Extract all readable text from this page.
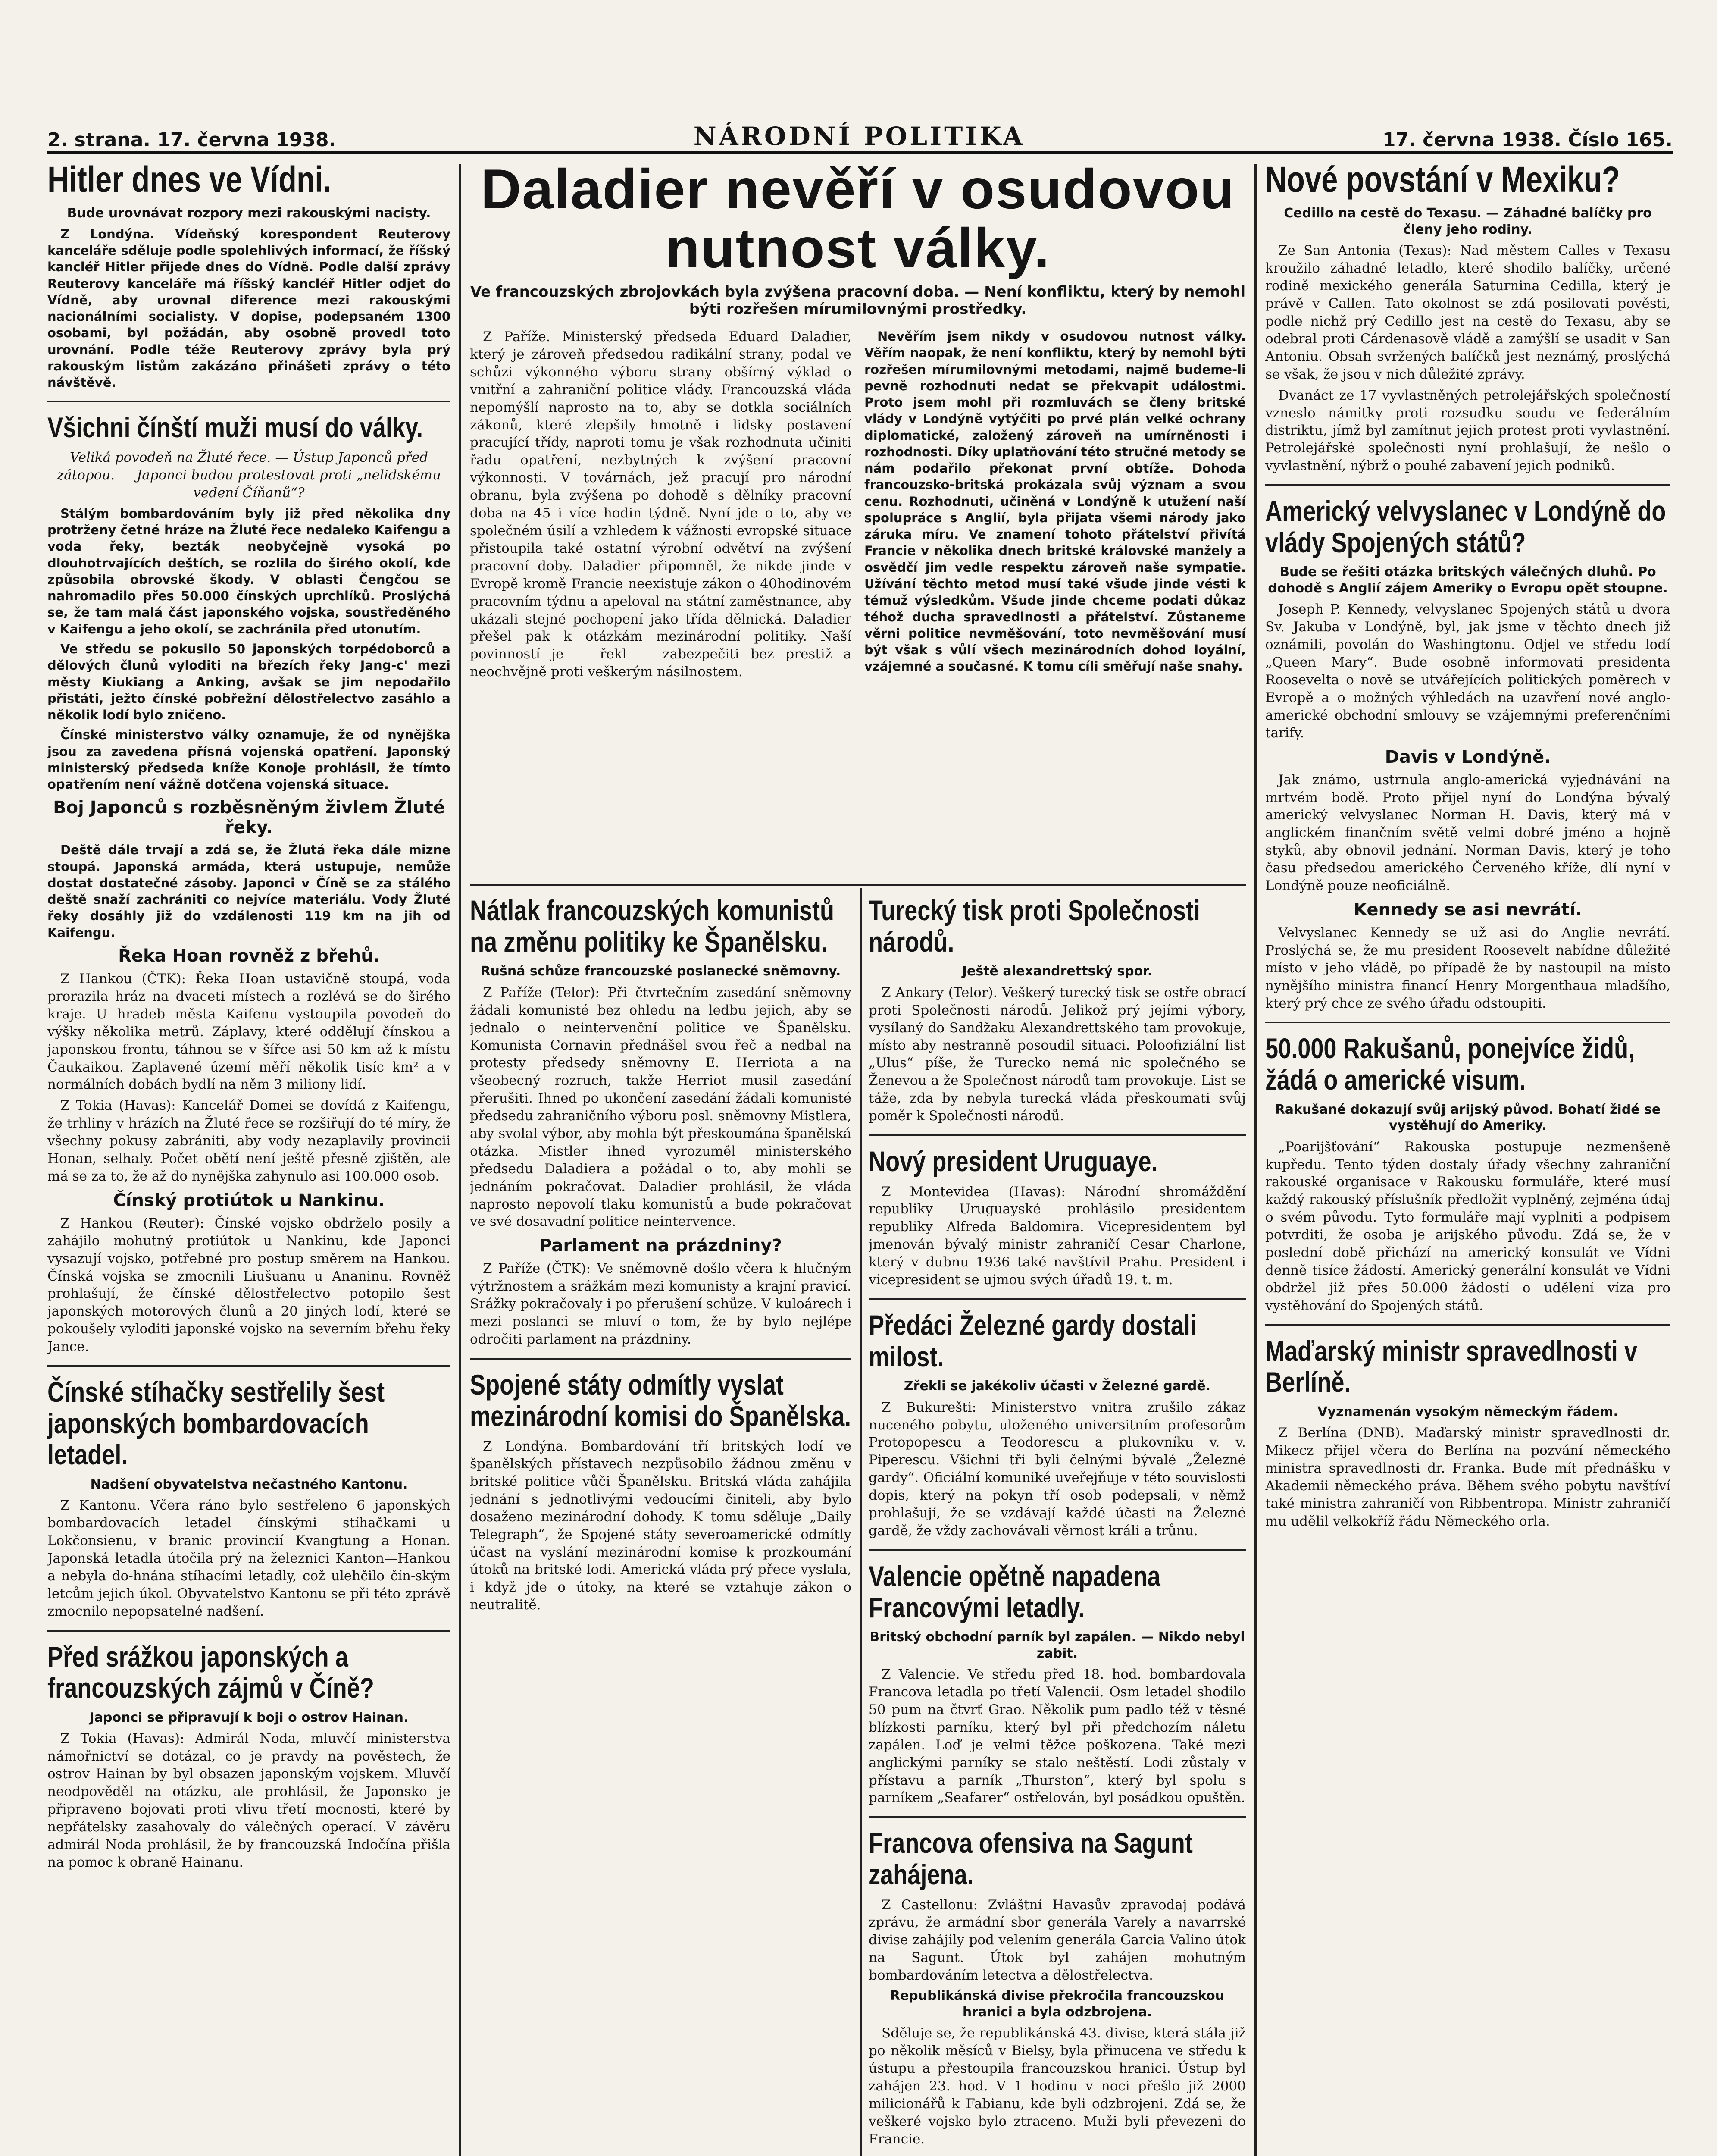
2. strana. 17. června 1938.	NÁRODNÍ POLITIKA	17. června 1938. Číslo 165.
Hitler dnes ve Vídni.
Bude urovnávat rozpory mezi rakouskými nacisty.

Z Londýna. Vídeňský korespondent Reuterovy kanceláře sděluje podle spolehlivých informací, že říšský kancléř Hitler přijede dnes do Vídně. Podle další zprávy Reuterovy kanceláře má říšský kancléř Hitler odjet do Vídně, aby urovnal diference mezi rakouskými nacionálními socialisty. V dopise, podepsaném 1300 osobami, byl požádán, aby osobně provedl toto urovnání. Podle téže Reuterovy zprávy byla prý rakouským listům zakázáno přinášeti zprávy o této návštěvě.

Všichni čínští muži musí do války.

Veliká povodeň na Žluté řece. — Ústup Japonců před zátopou. — Japonci budou protestovat proti „nelidskému vedení Číňanů“?

Stálým bombardováním byly již před několika dny protrženy četné hráze na Žluté řece nedaleko Kaifengu a voda řeky, bezták neobyčejně vysoká po dlouhotrvajících deštích, se rozlila do širého okolí, kde způsobila obrovské škody. V oblasti Čengčou se nahromadilo přes 50.000 čínských uprchlíků. Proslýchá se, že tam malá část japonského vojska, soustředěného v Kaifengu a jeho okolí, se zachránila před utonutím.

Ve středu se pokusilo 50 japonských torpédoborců a dělových člunů vyloditi na březích řeky Jang-c' mezi městy Kiukiang a Anking, avšak se jim nepodařilo přistáti, ježto čínské pobřežní dělostřelectvo zasáhlo a několik lodí bylo zničeno.

Čínské ministerstvo války oznamuje, že od nynějška jsou za zavedena přísná vojenská opatření. Japonský ministerský předseda kníže Konoje prohlásil, že tímto opatřením není vážně dotčena vojenská situace.

Boj Japonců s rozběsněným živlem Žluté řeky.

Deště dále trvají a zdá se, že Žlutá řeka dále mizne stoupá. Japonská armáda, která ustupuje, nemůže dostat dostatečné zásoby. Japonci v Číně se za stálého deště snaží zachrániti co nejvíce materiálu. Vody Žluté řeky dosáhly již do vzdálenosti 119 km na jih od Kaifengu.

Řeka Hoan rovněž z břehů.

Z Hankou (ČTK): Řeka Hoan ustavičně stoupá, voda prorazila hráz na dvaceti místech a rozlévá se do širého kraje. U hradeb města Kaifenu vystoupila povodeň do výšky několika metrů. Záplavy, které oddělují čínskou a japonskou frontu, táhnou se v šířce asi 50 km až k místu Čaukaikou. Zaplavené území měří několik tisíc km² a v normálních dobách bydlí na něm 3 miliony lidí.

Z Tokia (Havas): Kancelář Domei se dovídá z Kaifengu, že trhliny v hrázích na Žluté řece se rozšiřují do té míry, že všechny pokusy zabrániti, aby vody nezaplavily provincii Honan, selhaly. Počet obětí není ještě přesně zjištěn, ale má se za to, že až do nynějška zahynulo asi 100.000 osob.

Čínský protiútok u Nankinu.

Z Hankou (Reuter): Čínské vojsko obdrželo posily a zahájilo mohutný protiútok u Nankinu, kde Japonci vysazují vojsko, potřebné pro postup směrem na Hankou. Čínská vojska se zmocnili Liušuanu u Ananinu. Rovněž prohlašují, že čínské dělostřelectvo potopilo šest japonských motorových člunů a 20 jiných lodí, které se pokoušely vyloditi japonské vojsko na severním břehu řeky Jance.

Čínské stíhačky sestřelily šest japonských bombardovacích letadel.
Nadšení obyvatelstva nečastného Kantonu.

Z Kantonu. Včera ráno bylo sestřeleno 6 japonských bombardovacích letadel čínskými stíhačkami u Lokčonsienu, v branic provincií Kvangtung a Honan. Japonská letadla útočila prý na železnici Kanton—Hankou a nebyla do-hnána stíhacími letadly, což ulehčilo čín-ským letcům jejich úkol. Obyvatelstvo Kantonu se při této zprávě zmocnilo nepopsatelné nadšení.

Před srážkou japonských a francouzských zájmů v Číně?
Japonci se připravují k boji o ostrov Hainan.

Z Tokia (Havas): Admirál Noda, mluvčí ministerstva námořnictví se dotázal, co je pravdy na pověstech, že ostrov Hainan by byl obsazen japonským vojskem. Mluvčí neodpověděl na otázku, ale prohlásil, že Japonsko je připraveno bojovati proti vlivu třetí mocnosti, které by nepřátelsky zasahovaly do válečných operací. V závěru admirál Noda prohlásil, že by francouzská Indočína přišla na pomoc k obraně Hainanu.

Daladier nevěří v osudovou nutnost války.
Ve francouzských zbrojovkách byla zvýšena pracovní doba. — Není konfliktu, který by nemohl býti rozřešen mírumilovnými prostředky.

Z Paříže. Ministerský předseda Eduard Daladier, který je zároveň předsedou radikální strany, podal ve schůzi výkonného výboru strany obšírný výklad o vnitřní a zahraniční politice vlády. Francouzská vláda nepomýšlí naprosto na to, aby se dotkla sociálních zákonů, které zlepšily hmotně i lidsky postavení pracující třídy, naproti tomu je však rozhodnuta učiniti řadu opatření, nezbytných k zvýšení pracovní výkonnosti. V továrnách, jež pracují pro národní obranu, byla zvýšena po dohodě s dělníky pracovní doba na 45 i více hodin týdně. Nyní jde o to, aby ve společném úsilí a vzhledem k vážnosti evropské situace přistoupila také ostatní výrobní odvětví na zvýšení pracovní doby. Daladier připomněl, že nikde jinde v Evropě kromě Francie neexistuje zákon o 40hodinovém pracovním týdnu a apeloval na státní zaměstnance, aby ukázali stejné pochopení jako třída dělnická. Daladier přešel pak k otázkám mezinárodní politiky. Naší povinností je — řekl — zabezpečiti bez prestiž a neochvějně proti veškerým násilnostem.

Nevěřím jsem nikdy v osudovou nutnost války. Věřím naopak, že není konfliktu, který by nemohl býti rozřešen mírumilovnými metodami, najmě budeme-li pevně rozhodnuti nedat se překvapit událostmi. Proto jsem mohl při rozmluvách se členy britské vlády v Londýně vytýčiti po prvé plán velké ochrany diplomatické, založený zároveň na umírněnosti i rozhodnosti. Díky uplatňování této stručné metody se nám podařilo překonat první obtíže. Dohoda francouzsko-britská prokázala svůj význam a svou cenu. Rozhodnuti, učiněná v Londýně k utužení naší spolupráce s Anglií, byla přijata všemi národy jako záruka míru. Ve znamení tohoto přátelství přivítá Francie v několika dnech britské královské manžely a osvědčí jim vedle respektu zároveň naše sympatie. Užívání těchto metod musí také všude jinde vésti k témuž výsledkům. Všude jinde chceme podati důkaz téhož ducha spravedlnosti a přátelství. Zůstaneme věrni politice nevměšování, toto nevměšování musí být však s vůlí všech mezinárodních dohod loyální, vzájemné a současné. K tomu cíli směřují naše snahy.

Nátlak francouzských komunistů na změnu politiky ke Španělsku.
Rušná schůze francouzské poslanecké sněmovny.

Z Paříže (Telor): Při čtvrtečním zasedání sněmovny žádali komunisté bez ohledu na ledbu jejich, aby se jednalo o neintervenční politice ve Španělsku. Komunista Cornavin přednášel svou řeč a nedbal na protesty předsedy sněmovny E. Herriota a na všeobecný rozruch, takže Herriot musil zasedání přerušiti. Ihned po ukončení zasedání žádali komunisté předsedu zahraničního výboru posl. sněmovny Mistlera, aby svolal výbor, aby mohla být přeskoumána španělská otázka. Mistler ihned vyrozuměl ministerského předsedu Daladiera a požádal o to, aby mohli se jednáním pokračovat. Daladier prohlásil, že vláda naprosto nepovolí tlaku komunistů a bude pokračovat ve své dosavadní politice neintervence.

Parlament na prázdniny?

Z Paříže (ČTK): Ve sněmovně došlo včera k hlučným výtržnostem a srážkám mezi komunisty a krajní pravicí. Srážky pokračovaly i po přerušení schůze. V kuloárech i mezi poslanci se mluví o tom, že by bylo nejlépe odročiti parlament na prázdniny.

Spojené státy odmítly vyslat mezinárodní komisi do Španělska.

Z Londýna. Bombardování tří britských lodí ve španělských přístavech nezpůsobilo žádnou změnu v britské politice vůči Španělsku. Britská vláda zahájila jednání s jednotlivými vedoucími činiteli, aby bylo dosaženo mezinárodní dohody. K tomu sděluje „Daily Telegraph“, že Spojené státy severoamerické odmítly účast na vyslání mezinárodní komise k prozkoumání útoků na britské lodi. Americká vláda prý přece vyslala, i když jde o útoky, na které se vztahuje zákon o neutralitě.

Turecký tisk proti Společnosti národů.
Ještě alexandrettský spor.

Z Ankary (Telor). Veškerý turecký tisk se ostře obrací proti Společnosti národů. Jelikož prý jejími výbory, vysílaný do Sandžaku Alexandrettského tam provokuje, místo aby nestranně posoudil situaci. Poloofiziální list „Ulus“ píše, že Turecko nemá nic společného se Ženevou a že Společnost národů tam provokuje. List se táže, zda by nebyla turecká vláda přeskoumati svůj poměr k Společnosti národů.

Nový president Uruguaye.

Z Montevidea (Havas): Národní shromáždění republiky Uruguayské prohlásilo presidentem republiky Alfreda Baldomira. Vicepresidentem byl jmenován bývalý ministr zahraničí Cesar Charlone, který v dubnu 1936 také navštívil Prahu. President i vicepresident se ujmou svých úřadů 19. t. m.

Předáci Železné gardy dostali milost.
Zřekli se jakékoliv účasti v Železné gardě.

Z Bukurešti: Ministerstvo vnitra zrušilo zákaz nuceného pobytu, uloženého universitním profesorům Protopopescu a Teodorescu a plukovníku v. v. Piperescu. Všichni tři byli čelnými bývalé „Železné gardy“. Oficiální komuniké uveřejňuje v této souvislosti dopis, který na pokyn tří osob podepsali, v němž prohlašují, že se vzdávají každé účasti na Železné gardě, že vždy zachovávali věrnost králi a trůnu.

Valencie opětně napadena Francovými letadly.
Britský obchodní parník byl zapálen. — Nikdo nebyl zabit.

Z Valencie. Ve středu před 18. hod. bombardovala Francova letadla po třetí Valencii. Osm letadel shodilo 50 pum na čtvrť Grao. Několik pum padlo též v těsné blízkosti parníku, který byl při předchozím náletu zapálen. Loď je velmi těžce poškozena. Také mezi anglickými parníky se stalo neštěstí. Lodi zůstaly v přístavu a parník „Thurston“, který byl spolu s parníkem „Seafarer“ ostřelován, byl posádkou opuštěn.

Francova ofensiva na Sagunt zahájena.

Z Castellonu: Zvláštní Havasův zpravodaj podává zprávu, že armádní sbor generála Varely a navarrské divise zahájily pod velením generála Garcia Valino útok na Sagunt. Útok byl zahájen mohutným bombardováním letectva a dělostřelectva.

Republikánská divise překročila francouzskou hranici a byla odzbrojena.

Sděluje se, že republikánská 43. divise, která stála již po několik měsíců v Bielsy, byla přinucena ve středu k ústupu a přestoupila francouzskou hranici. Ústup byl zahájen 23. hod. V 1 hodinu v noci přešlo již 2000 milicionářů k Fabianu, kde byli odzbrojeni. Zdá se, že veškeré vojsko bylo ztraceno. Muži byli převezeni do Francie.

Nové povstání v Mexiku?
Cedillo na cestě do Texasu. — Záhadné balíčky pro členy jeho rodiny.

Ze San Antonia (Texas): Nad městem Calles v Texasu kroužilo záhadné letadlo, které shodilo balíčky, určené rodině mexického generála Saturnina Cedilla, který je právě v Callen. Tato okolnost se zdá posilovati pověsti, podle nichž prý Cedillo jest na cestě do Texasu, aby se odebral proti Cárdenasově vládě a zamýšlí se usadit v San Antoniu. Obsah svržených balíčků jest neznámý, proslýchá se však, že jsou v nich důležité zprávy.

Dvanáct ze 17 vyvlastněných petrolejářských společností vzneslo námitky proti rozsudku soudu ve federálním distriktu, jímž byl zamítnut jejich protest proti vyvlastnění. Petrolejářské společnosti nyní prohlašují, že nešlo o vyvlastnění, nýbrž o pouhé zabavení jejich podniků.

Americký velvyslanec v Londýně do vlády Spojených států?
Bude se řešiti otázka britských válečných dluhů. Po dohodě s Anglií zájem Ameriky o Evropu opět stoupne.

Joseph P. Kennedy, velvyslanec Spojených států u dvora Sv. Jakuba v Londýně, byl, jak jsme v těchto dnech již oznámili, povolán do Washingtonu. Odjel ve středu lodí „Queen Mary“. Bude osobně informovati presidenta Roosevelta o nově se utvářejících politických poměrech v Evropě a o možných výhledách na uzavření nové anglo-americké obchodní smlouvy se vzájemnými preferenčními tarify.

Davis v Londýně.

Jak známo, ustrnula anglo-americká vyjednávání na mrtvém bodě. Proto přijel nyní do Londýna bývalý americký velvyslanec Norman H. Davis, který má v anglickém finančním světě velmi dobré jméno a hojně styků, aby obnovil jednání. Norman Davis, který je toho času předsedou amerického Červeného kříže, dlí nyní v Londýně pouze neoficiálně.

Kennedy se asi nevrátí.

Velvyslanec Kennedy se už asi do Anglie nevrátí. Proslýchá se, že mu president Roosevelt nabídne důležité místo v jeho vládě, po případě že by nastoupil na místo nynějšího ministra financí Henry Morgenthaua mladšího, který prý chce ze svého úřadu odstoupiti.

50.000 Rakušanů, ponejvíce židů, žádá o americké visum.
Rakušané dokazují svůj arijský původ. Bohatí židé se vystěhují do Ameriky.

„Poarijšťování“ Rakouska postupuje nezmenšeně kupředu. Tento týden dostaly úřady všechny zahraniční rakouské organisace v Rakousku formuláře, které musí každý rakouský příslušník předložit vyplněný, zejména údaj o svém původu. Tyto formuláře mají vyplniti a podpisem potvrditi, že osoba je arijského původu. Zdá se, že v poslední době přichází na americký konsulát ve Vídni denně tisíce žádostí. Americký generální konsulát ve Vídni obdržel již přes 50.000 žádostí o udělení víza pro vystěhování do Spojených států.

Maďarský ministr spravedlnosti v Berlíně.
Vyznamenán vysokým německým řádem.

Z Berlína (DNB). Maďarský ministr spravedlnosti dr. Mikecz přijel včera do Berlína na pozvání německého ministra spravedlnosti dr. Franka. Bude mít přednášku v Akademii německého práva. Během svého pobytu navštíví také ministra zahraničí von Ribbentropa. Ministr zahraničí mu udělil velkokříž řádu Německého orla.
